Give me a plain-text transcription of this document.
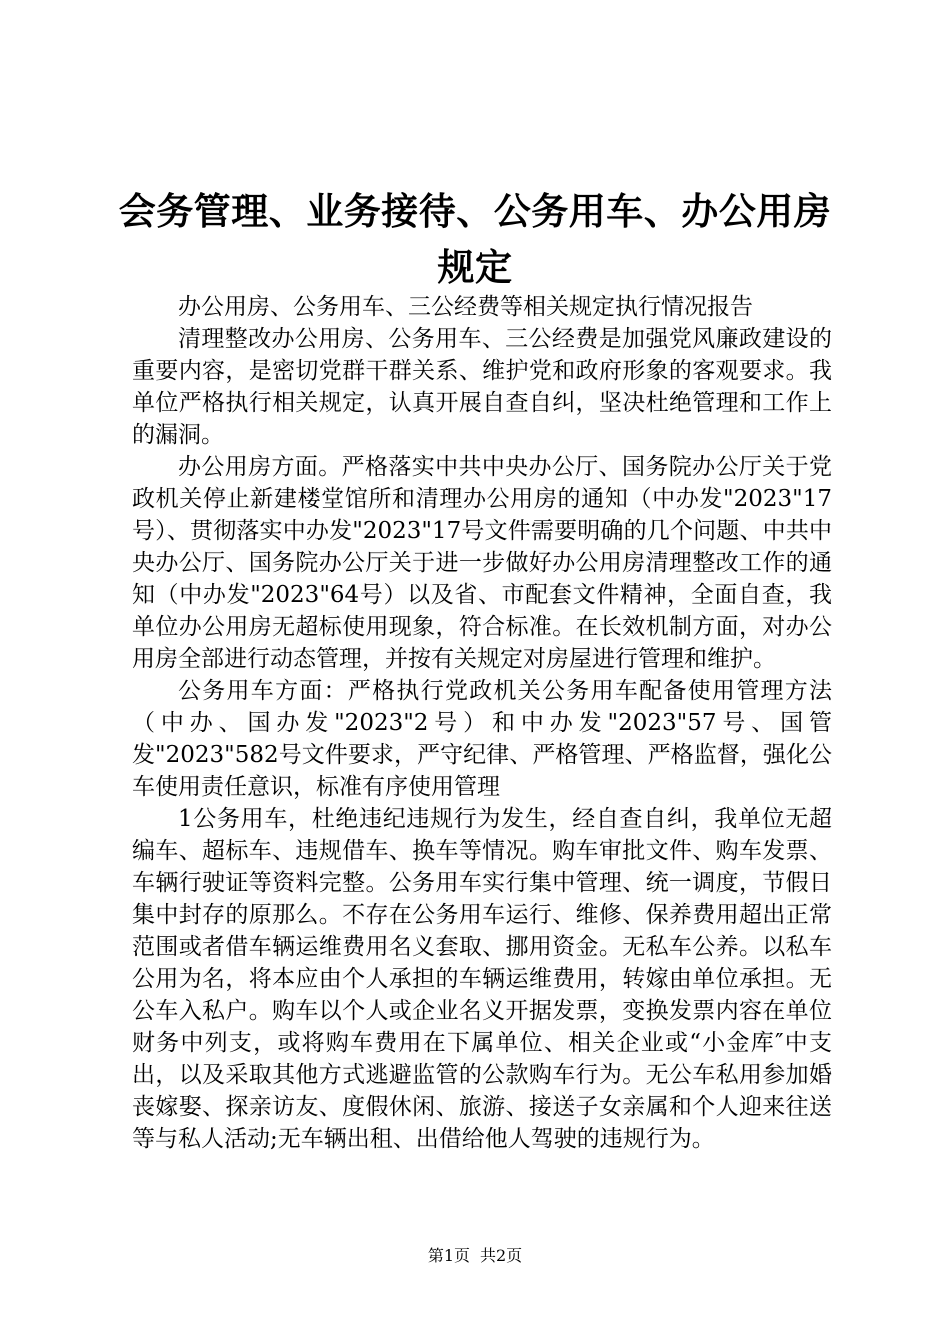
会务管理、业务接待、公务用车、办公用房规定

办公用房、公务用车、三公经费等相关规定执行情况报告

清理整改办公用房、公务用车、三公经费是加强党风廉政建设的重要内容，是密切党群干群关系、维护党和政府形象的客观要求。我单位严格执行相关规定，认真开展自查自纠，坚决杜绝管理和工作上的漏洞。

办公用房方面。严格落实中共中央办公厅、国务院办公厅关于党政机关停止新建楼堂馆所和清理办公用房的通知（中办发"2023"17号）、贯彻落实中办发"2023"17号文件需要明确的几个问题、中共中央办公厅、国务院办公厅关于进一步做好办公用房清理整改工作的通知（中办发"2023"64号）以及省、市配套文件精神，全面自查，我单位办公用房无超标使用现象，符合标准。在长效机制方面，对办公用房全部进行动态管理，并按有关规定对房屋进行管理和维护。

公务用车方面：严格执行党政机关公务用车配备使用管理方法（中办、国办发"2023"2号）和中办发"2023"57号、国管发"2023"582号文件要求，严守纪律、严格管理、严格监督，强化公车使用责任意识，标准有序使用管理

1公务用车，杜绝违纪违规行为发生，经自查自纠，我单位无超编车、超标车、违规借车、换车等情况。购车审批文件、购车发票、车辆行驶证等资料完整。公务用车实行集中管理、统一调度，节假日集中封存的原那么。不存在公务用车运行、维修、保养费用超出正常范围或者借车辆运维费用名义套取、挪用资金。无私车公养。以私车公用为名，将本应由个人承担的车辆运维费用，转嫁由单位承担。无公车入私户。购车以个人或企业名义开据发票，变换发票内容在单位财务中列支，或将购车费用在下属单位、相关企业或“小金库″中支出，以及采取其他方式逃避监管的公款购车行为。无公车私用参加婚丧嫁娶、探亲访友、度假休闲、旅游、接送子女亲属和个人迎来往送等与私人活动;无车辆出租、出借给他人驾驶的违规行为。

第1页 共2页
